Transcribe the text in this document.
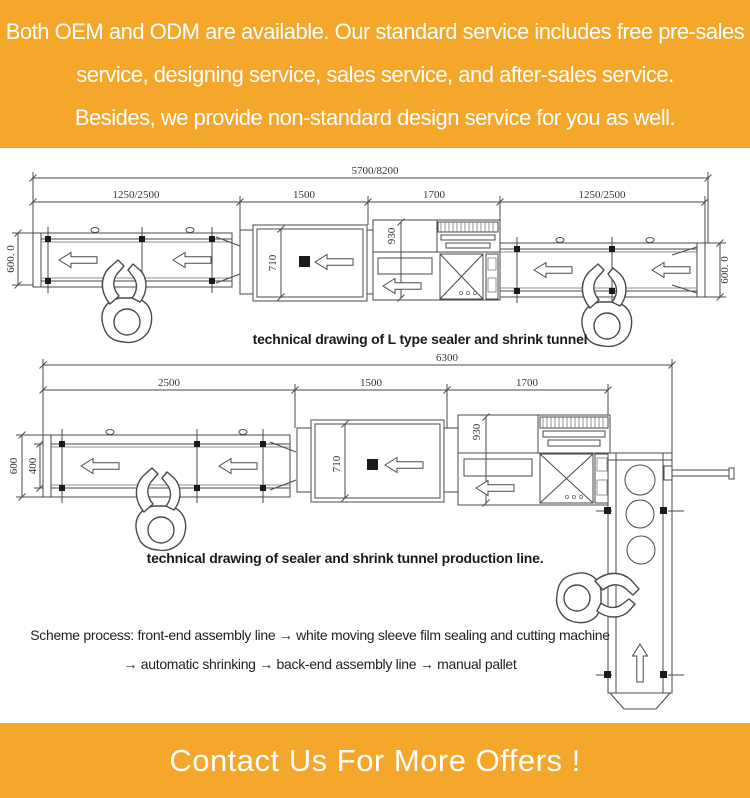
Both OEM and ODM are available. Our standard service includes free pre-sales
service, designing service, sales service, and after-sales service.
Besides, we provide non-standard design service for you as well.
5700/8200
1250/2500	1500	1700	1250/2500
600. 0	710
930
600. 0
technical drawing of L type sealer and shrink tunnel
6300
2500	1500	1700
600 400	710
930
technical drawing of sealer and shrink tunnel production line.
Scheme process: front-end assembly line → white moving sleeve film sealing and cutting machine
→ automatic shrinking → back-end assembly line → manual pallet
Contact Us For More Offers !
